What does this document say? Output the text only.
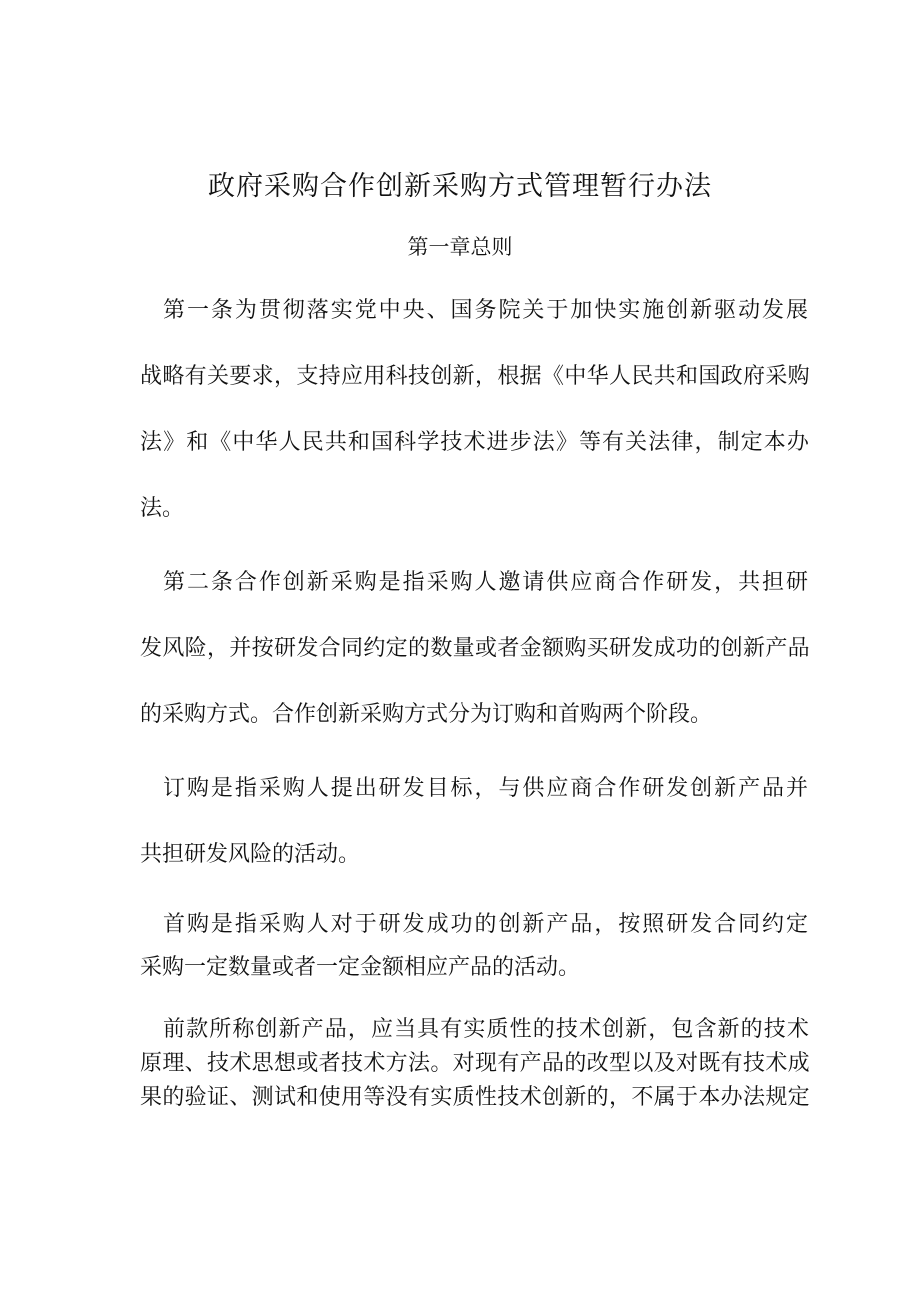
政府采购合作创新采购方式管理暂行办法
第一章总则
第一条为贯彻落实党中央、国务院关于加快实施创新驱动发展
战略有关要求，支持应用科技创新，根据《中华人民共和国政府采购
法》和《中华人民共和国科学技术进步法》等有关法律，制定本办
法。
第二条合作创新采购是指采购人邀请供应商合作研发，共担研
发风险，并按研发合同约定的数量或者金额购买研发成功的创新产品
的采购方式。合作创新采购方式分为订购和首购两个阶段。
订购是指采购人提出研发目标，与供应商合作研发创新产品并
共担研发风险的活动。
首购是指采购人对于研发成功的创新产品，按照研发合同约定
采购一定数量或者一定金额相应产品的活动。
前款所称创新产品，应当具有实质性的技术创新，包含新的技术
原理、技术思想或者技术方法。对现有产品的改型以及对既有技术成
果的验证、测试和使用等没有实质性技术创新的，不属于本办法规定
